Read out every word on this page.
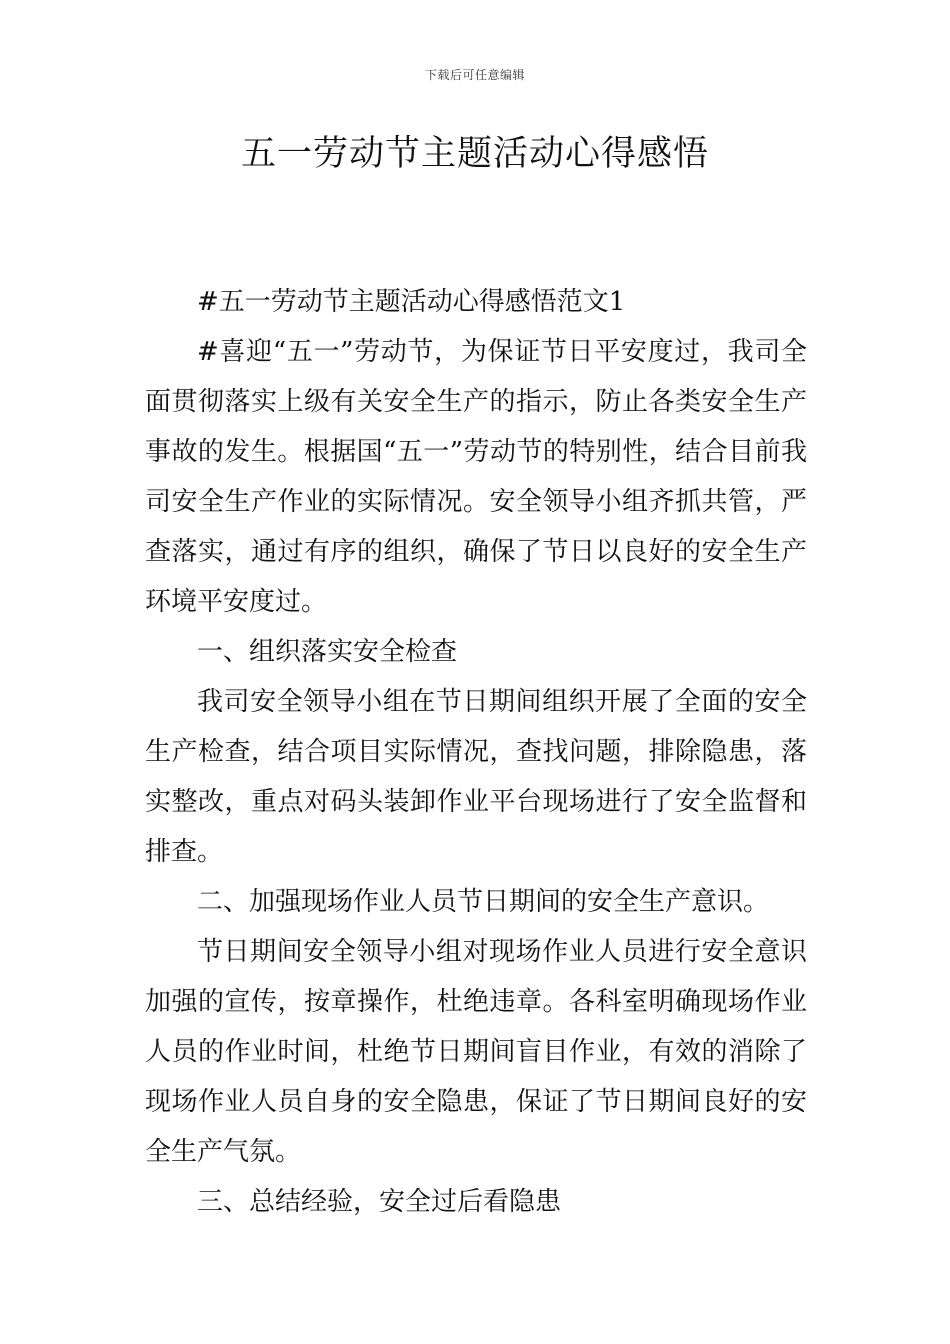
下载后可任意编辑
五一劳动节主题活动心得感悟

#五一劳动节主题活动心得感悟范文1

#喜迎“五一”劳动节，为保证节日平安度过，我司全面贯彻落实上级有关安全生产的指示，防止各类安全生产事故的发生。根据国“五一”劳动节的特别性，结合目前我司安全生产作业的实际情况。安全领导小组齐抓共管，严查落实，通过有序的组织，确保了节日以良好的安全生产环境平安度过。

一、组织落实安全检查

我司安全领导小组在节日期间组织开展了全面的安全生产检查，结合项目实际情况，查找问题，排除隐患，落实整改，重点对码头装卸作业平台现场进行了安全监督和排查。

二、加强现场作业人员节日期间的安全生产意识。

节日期间安全领导小组对现场作业人员进行安全意识加强的宣传，按章操作，杜绝违章。各科室明确现场作业人员的作业时间，杜绝节日期间盲目作业，有效的消除了现场作业人员自身的安全隐患，保证了节日期间良好的安全生产气氛。

三、总结经验，安全过后看隐患
